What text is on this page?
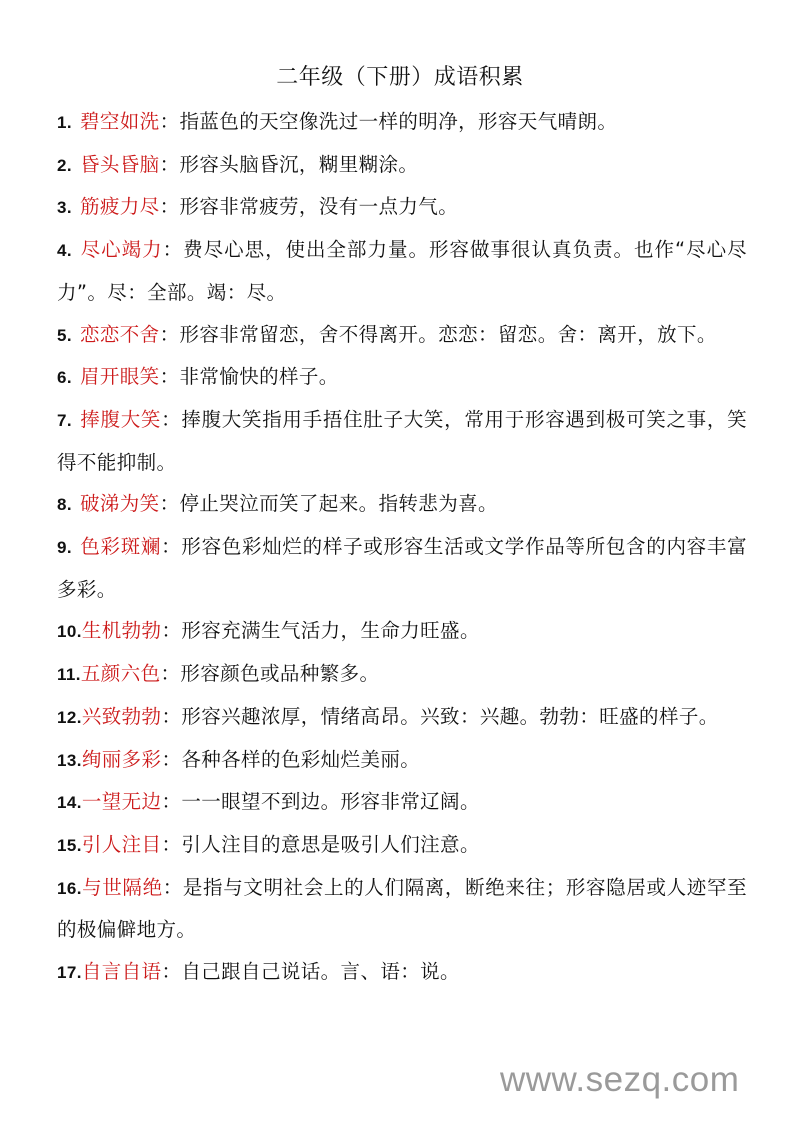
二年级（下册）成语积累
1. 碧空如洗：指蓝色的天空像洗过一样的明净，形容天气晴朗。
2. 昏头昏脑：形容头脑昏沉，糊里糊涂。
3. 筋疲力尽：形容非常疲劳，没有一点力气。
4. 尽心竭力：费尽心思，使出全部力量。形容做事很认真负责。也作“尽心尽力”。尽：全部。竭：尽。
5. 恋恋不舍：形容非常留恋，舍不得离开。恋恋：留恋。舍：离开，放下。
6. 眉开眼笑：非常愉快的样子。
7. 捧腹大笑：捧腹大笑指用手捂住肚子大笑，常用于形容遇到极可笑之事，笑得不能抑制。
8. 破涕为笑：停止哭泣而笑了起来。指转悲为喜。
9. 色彩斑斓：形容色彩灿烂的样子或形容生活或文学作品等所包含的内容丰富多彩。
10.生机勃勃：形容充满生气活力，生命力旺盛。
11.五颜六色：形容颜色或品种繁多。
12.兴致勃勃：形容兴趣浓厚，情绪高昂。兴致：兴趣。勃勃：旺盛的样子。
13.绚丽多彩：各种各样的色彩灿烂美丽。
14.一望无边：一一眼望不到边。形容非常辽阔。
15.引人注目：引人注目的意思是吸引人们注意。
16.与世隔绝：是指与文明社会上的人们隔离，断绝来往；形容隐居或人迹罕至的极偏僻地方。
17.自言自语：自己跟自己说话。言、语：说。
www.sezq.com
